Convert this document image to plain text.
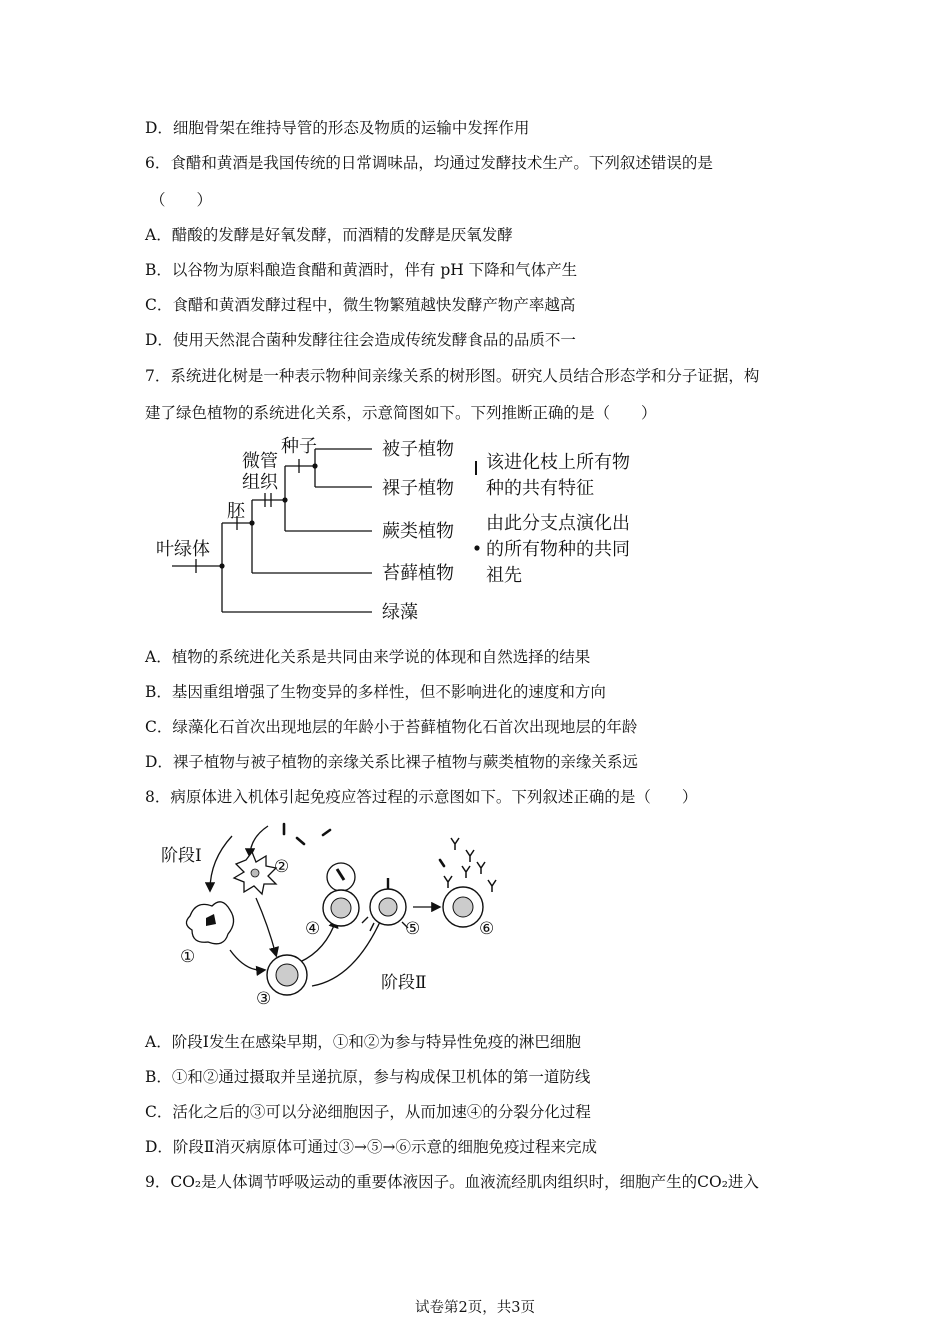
D．细胞骨架在维持导管的形态及物质的运输中发挥作用
6．食醋和黄酒是我国传统的日常调味品，均通过发酵技术生产。下列叙述错误的是
（　　）
A．醋酸的发酵是好氧发酵，而酒精的发酵是厌氧发酵
B．以谷物为原料酿造食醋和黄酒时，伴有 pH 下降和气体产生
C．食醋和黄酒发酵过程中，微生物繁殖越快发酵产物产率越高
D．使用天然混合菌种发酵往往会造成传统发酵食品的品质不一
7．系统进化树是一种表示物种间亲缘关系的树形图。研究人员结合形态学和分子证据，构
建了绿色植物的系统进化关系，示意简图如下。下列推断正确的是（　　）
叶绿体
胚
微管
组织
种子	被子植物
裸子植物
蕨类植物
苔藓植物
绿藻
该进化枝上所有物
种的共有特征
由此分支点演化出
的所有物种的共同
祖先
A．植物的系统进化关系是共同由来学说的体现和自然选择的结果
B．基因重组增强了生物变异的多样性，但不影响进化的速度和方向
C．绿藻化石首次出现地层的年龄小于苔藓植物化石首次出现地层的年龄
D．裸子植物与被子植物的亲缘关系比裸子植物与蕨类植物的亲缘关系远
8．病原体进入机体引起免疫应答过程的示意图如下。下列叙述正确的是（　　）
阶段Ⅰ
阶段Ⅱ
①
②
③
④	⑤	⑥
A．阶段Ⅰ发生在感染早期，①和②为参与特异性免疫的淋巴细胞
B．①和②通过摄取并呈递抗原，参与构成保卫机体的第一道防线
C．活化之后的③可以分泌细胞因子，从而加速④的分裂分化过程
D．阶段Ⅱ消灭病原体可通过③→⑤→⑥示意的细胞免疫过程来完成
9．CO₂是人体调节呼吸运动的重要体液因子。血液流经肌肉组织时，细胞产生的CO₂进入
试卷第2页，共3页
